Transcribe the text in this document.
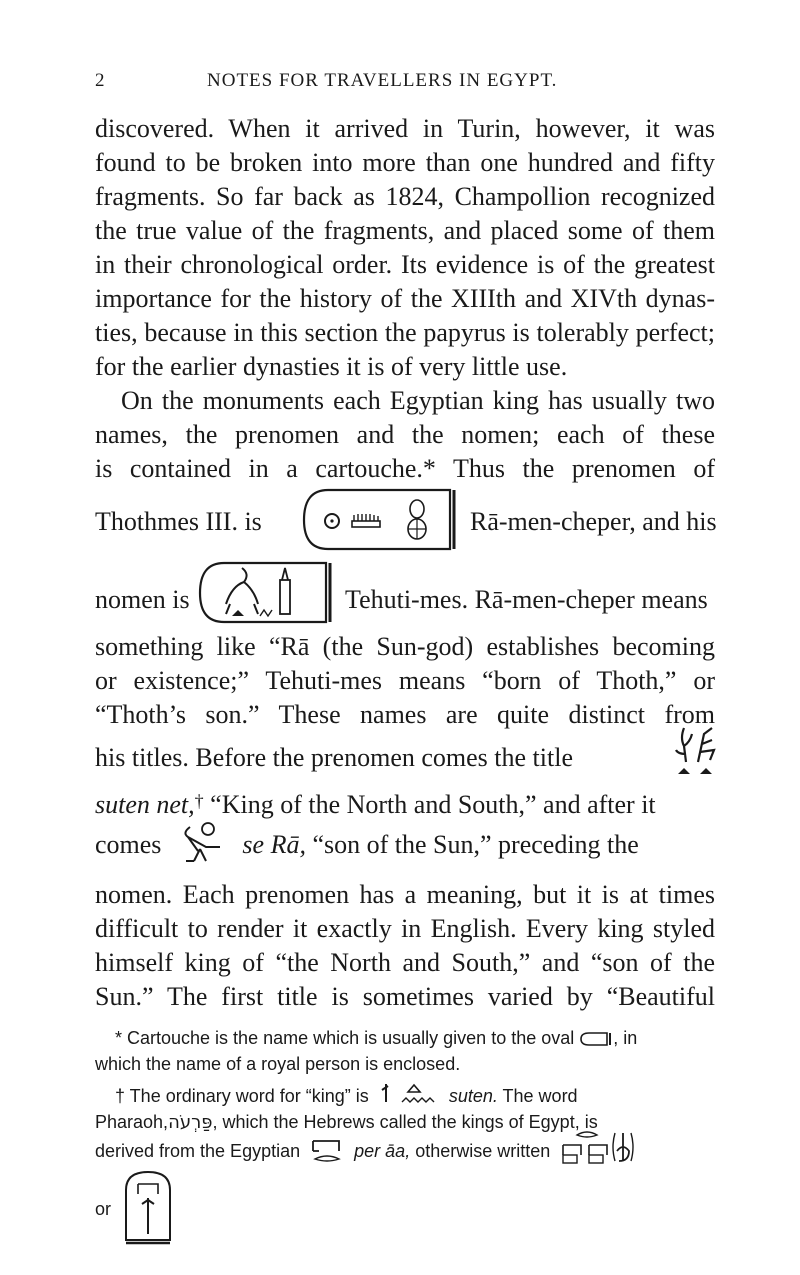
2	NOTES FOR TRAVELLERS IN EGYPT.
discovered. When it arrived in Turin, however, it was
found to be broken into more than one hundred and fifty
fragments. So far back as 1824, Champollion recognized
the true value of the fragments, and placed some of them
in their chronological order. Its evidence is of the greatest
importance for the history of the XIIIth and XIVth dynas-
ties, because in this section the papyrus is tolerably perfect;
for the earlier dynasties it is of very little use.
On the monuments each Egyptian king has usually two
names, the prenomen and the nomen; each of these
is contained in a cartouche.* Thus the prenomen of
Thothmes III. is	Rā-men-cheper, and his
nomen is	Tehuti-mes. Rā-men-cheper means
something like “Rā (the Sun-god) establishes becoming
or existence;” Tehuti-mes means “born of Thoth,” or
“Thoth’s son.” These names are quite distinct from
his titles. Before the prenomen comes the title
suten net,† “King of the North and South,” and after it
comes	se Rā, “son of the Sun,” preceding the
nomen. Each prenomen has a meaning, but it is at times
difficult to render it exactly in English. Every king styled
himself king of “the North and South,” and “son of the
Sun.” The first title is sometimes varied by “Beautiful
* Cartouche is the name which is usually given to the oval , in
which the name of a royal person is enclosed.
† The ordinary word for “king” is	suten. The word
Pharaoh,פַּרְעֹה, which the Hebrews called the kings of Egypt, is
derived from the Egyptian	per āa, otherwise written
or
